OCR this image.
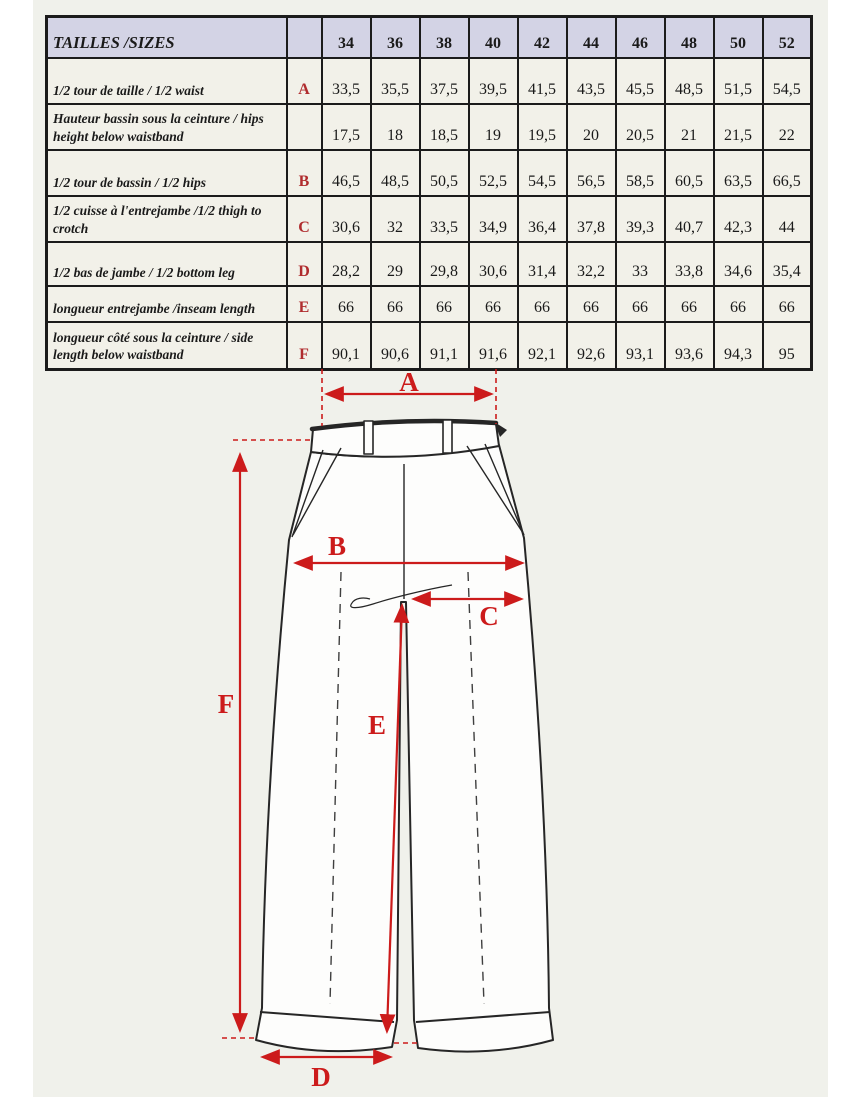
TAILLES /SIZES		34	36	38	40	42	44	46	48	50	52
1/2 tour de taille / 1/2 waist	A	33,5	35,5	37,5	39,5	41,5	43,5	45,5	48,5	51,5	54,5
Hauteur bassin sous la ceinture / hips height below waistband		17,5	18	18,5	19	19,5	20	20,5	21	21,5	22
1/2 tour de bassin / 1/2 hips	B	46,5	48,5	50,5	52,5	54,5	56,5	58,5	60,5	63,5	66,5
1/2 cuisse à l'entrejambe /1/2 thigh to crotch	C	30,6	32	33,5	34,9	36,4	37,8	39,3	40,7	42,3	44
1/2 bas de jambe / 1/2 bottom leg	D	28,2	29	29,8	30,6	31,4	32,2	33	33,8	34,6	35,4
longueur entrejambe /inseam length	E	66	66	66	66	66	66	66	66	66	66
longueur côté sous la ceinture / side length below waistband	F	90,1	90,6	91,1	91,6	92,1	92,6	93,1	93,6	94,3	95
A
B
C
D
E
F
